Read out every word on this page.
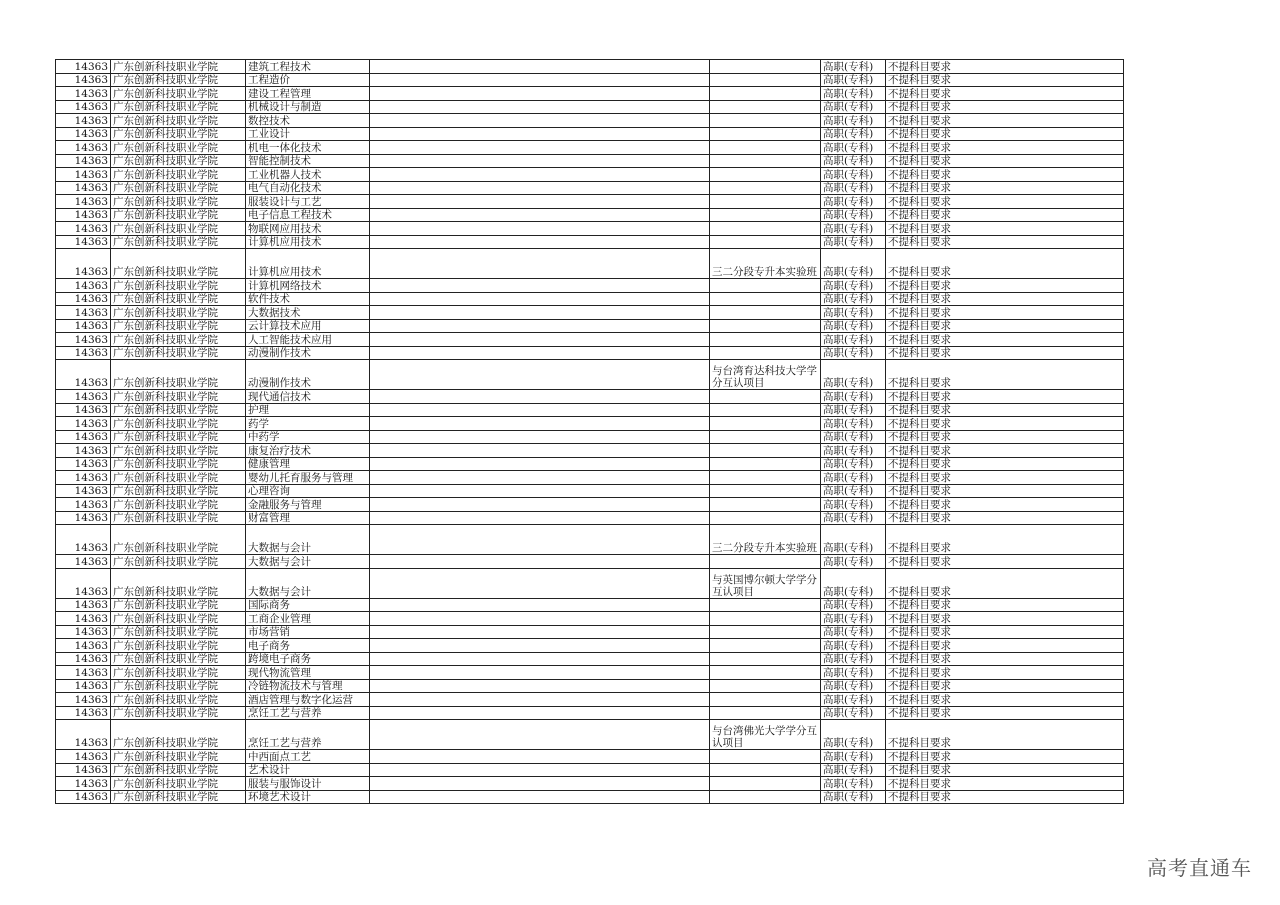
14363	广东创新科技职业学院	建筑工程技术			高职(专科)	不提科目要求
14363	广东创新科技职业学院	工程造价			高职(专科)	不提科目要求
14363	广东创新科技职业学院	建设工程管理			高职(专科)	不提科目要求
14363	广东创新科技职业学院	机械设计与制造			高职(专科)	不提科目要求
14363	广东创新科技职业学院	数控技术			高职(专科)	不提科目要求
14363	广东创新科技职业学院	工业设计			高职(专科)	不提科目要求
14363	广东创新科技职业学院	机电一体化技术			高职(专科)	不提科目要求
14363	广东创新科技职业学院	智能控制技术			高职(专科)	不提科目要求
14363	广东创新科技职业学院	工业机器人技术			高职(专科)	不提科目要求
14363	广东创新科技职业学院	电气自动化技术			高职(专科)	不提科目要求
14363	广东创新科技职业学院	服装设计与工艺			高职(专科)	不提科目要求
14363	广东创新科技职业学院	电子信息工程技术			高职(专科)	不提科目要求
14363	广东创新科技职业学院	物联网应用技术			高职(专科)	不提科目要求
14363	广东创新科技职业学院	计算机应用技术			高职(专科)	不提科目要求
14363	广东创新科技职业学院	计算机应用技术		三二分段专升本实验班	高职(专科)	不提科目要求
14363	广东创新科技职业学院	计算机网络技术			高职(专科)	不提科目要求
14363	广东创新科技职业学院	软件技术			高职(专科)	不提科目要求
14363	广东创新科技职业学院	大数据技术			高职(专科)	不提科目要求
14363	广东创新科技职业学院	云计算技术应用			高职(专科)	不提科目要求
14363	广东创新科技职业学院	人工智能技术应用			高职(专科)	不提科目要求
14363	广东创新科技职业学院	动漫制作技术			高职(专科)	不提科目要求
14363	广东创新科技职业学院	动漫制作技术		与台湾育达科技大学学分互认项目	高职(专科)	不提科目要求
14363	广东创新科技职业学院	现代通信技术			高职(专科)	不提科目要求
14363	广东创新科技职业学院	护理			高职(专科)	不提科目要求
14363	广东创新科技职业学院	药学			高职(专科)	不提科目要求
14363	广东创新科技职业学院	中药学			高职(专科)	不提科目要求
14363	广东创新科技职业学院	康复治疗技术			高职(专科)	不提科目要求
14363	广东创新科技职业学院	健康管理			高职(专科)	不提科目要求
14363	广东创新科技职业学院	婴幼儿托育服务与管理			高职(专科)	不提科目要求
14363	广东创新科技职业学院	心理咨询			高职(专科)	不提科目要求
14363	广东创新科技职业学院	金融服务与管理			高职(专科)	不提科目要求
14363	广东创新科技职业学院	财富管理			高职(专科)	不提科目要求
14363	广东创新科技职业学院	大数据与会计		三二分段专升本实验班	高职(专科)	不提科目要求
14363	广东创新科技职业学院	大数据与会计			高职(专科)	不提科目要求
14363	广东创新科技职业学院	大数据与会计		与英国博尔顿大学学分互认项目	高职(专科)	不提科目要求
14363	广东创新科技职业学院	国际商务			高职(专科)	不提科目要求
14363	广东创新科技职业学院	工商企业管理			高职(专科)	不提科目要求
14363	广东创新科技职业学院	市场营销			高职(专科)	不提科目要求
14363	广东创新科技职业学院	电子商务			高职(专科)	不提科目要求
14363	广东创新科技职业学院	跨境电子商务			高职(专科)	不提科目要求
14363	广东创新科技职业学院	现代物流管理			高职(专科)	不提科目要求
14363	广东创新科技职业学院	冷链物流技术与管理			高职(专科)	不提科目要求
14363	广东创新科技职业学院	酒店管理与数字化运营			高职(专科)	不提科目要求
14363	广东创新科技职业学院	烹饪工艺与营养			高职(专科)	不提科目要求
14363	广东创新科技职业学院	烹饪工艺与营养		与台湾佛光大学学分互认项目	高职(专科)	不提科目要求
14363	广东创新科技职业学院	中西面点工艺			高职(专科)	不提科目要求
14363	广东创新科技职业学院	艺术设计			高职(专科)	不提科目要求
14363	广东创新科技职业学院	服装与服饰设计			高职(专科)	不提科目要求
14363	广东创新科技职业学院	环境艺术设计			高职(专科)	不提科目要求
高考直通车
